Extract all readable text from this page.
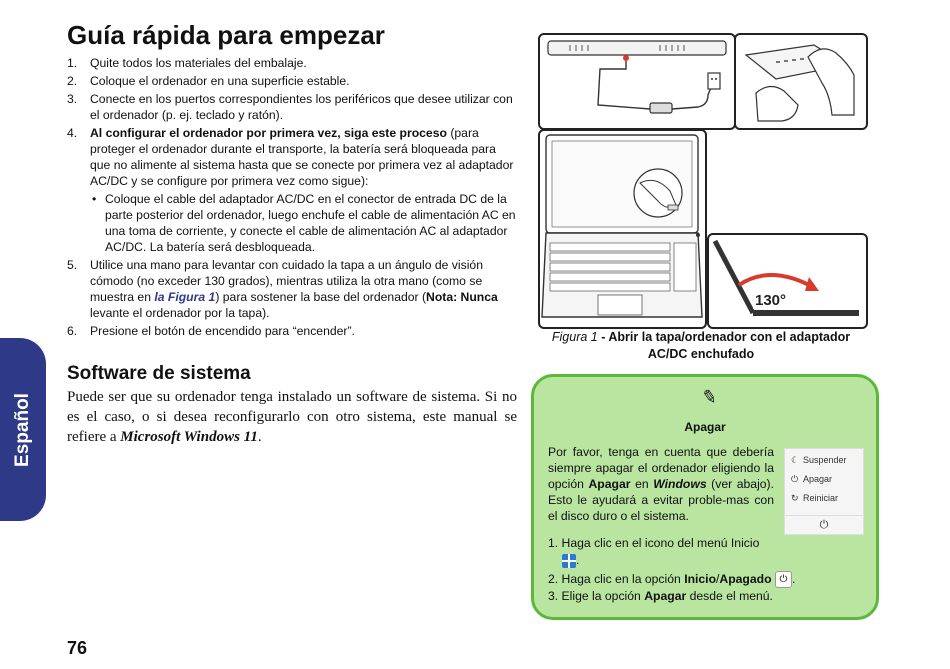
Español
Guía rápida para empezar
1. Quite todos los materiales del embalaje.
2. Coloque el ordenador en una superficie estable.
3. Conecte en los puertos correspondientes los periféricos que desee utilizar con el ordenador (p. ej. teclado y ratón).
4. Al configurar el ordenador por primera vez, siga este proceso (para proteger el ordenador durante el transporte, la batería será bloqueada para que no alimente al sistema hasta que se conecte por primera vez al adaptador AC/DC y se configure por primera vez como sigue):
• Coloque el cable del adaptador AC/DC en el conector de entrada DC de la parte posterior del ordenador, luego enchufe el cable de alimentación AC en una toma de corriente, y conecte el cable de alimentación AC al adaptador AC/DC. La batería será desbloqueada.
5. Utilice una mano para levantar con cuidado la tapa a un ángulo de visión cómodo (no exceder 130 grados), mientras utiliza la otra mano (como se muestra en la Figura 1) para sostener la base del ordenador (Nota: Nunca levante el ordenador por la tapa).
6. Presione el botón de encendido para “encender”.
Software de sistema

Puede ser que su ordenador tenga instalado un software de sistema. Si no es el caso, o si desea reconfigurarlo con otro sistema, este manual se refiere a Microsoft Windows 11.

130°
Figura 1 - Abrir la tapa/ordenador con el adaptador AC/DC enchufado
✎
Apagar

Por favor, tenga en cuenta que debería siempre apagar el ordenador eligiendo la opción Apagar en Windows (ver abajo). Esto le ayudará a evitar proble-mas con el disco duro o el sistema.

☾ Suspender
⏻ Apagar
↻ Reiniciar
⏻
1. Haga clic en el icono del menú Inicio
.
2. Haga clic en la opción Inicio/Apagado ⏻ .
3. Elige la opción Apagar desde el menú.
76
